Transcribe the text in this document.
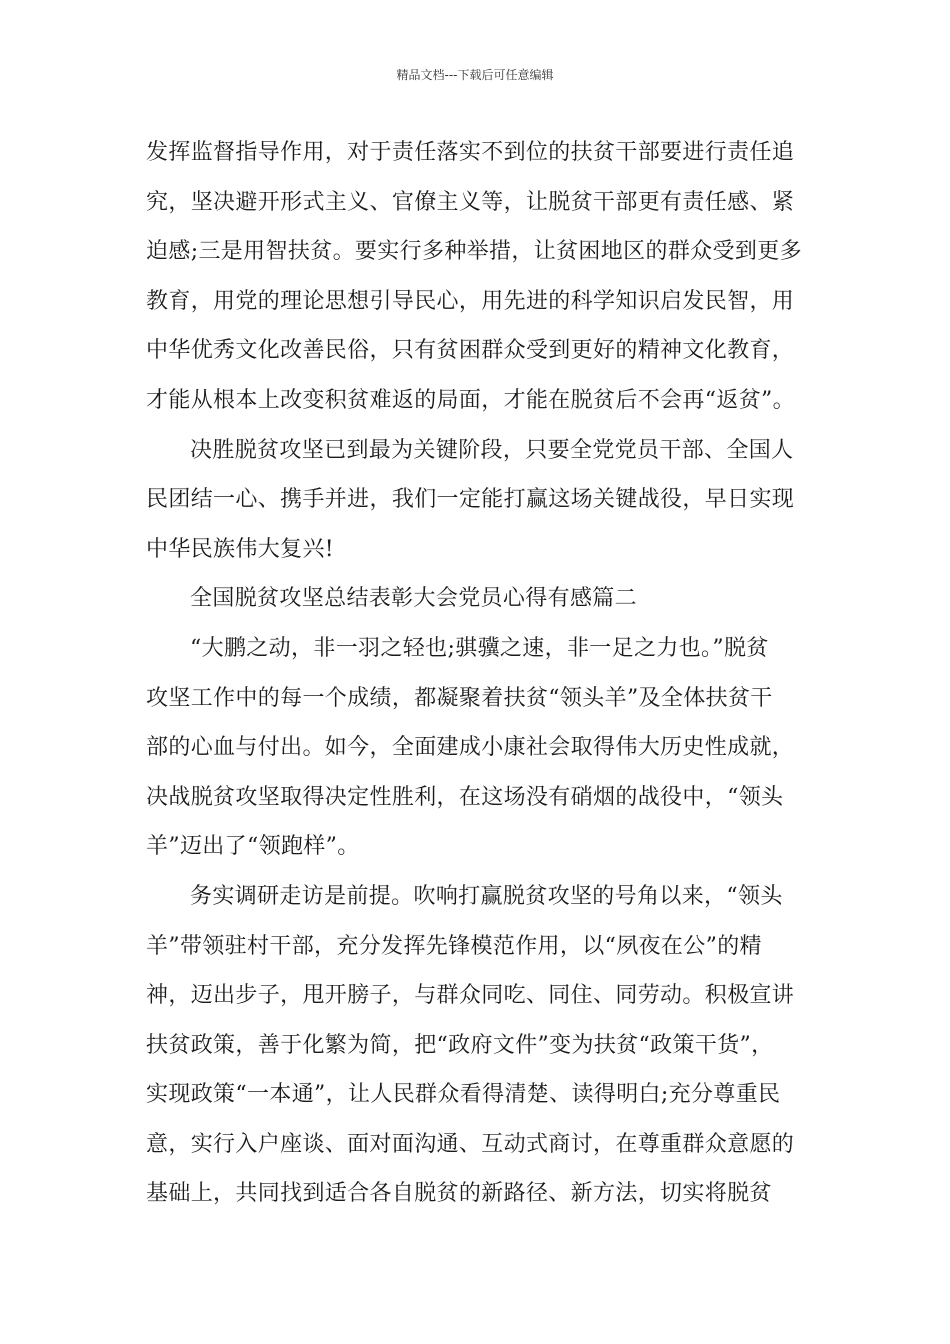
精品文档---下载后可任意编辑
发挥监督指导作用，对于责任落实不到位的扶贫干部要进行责任追
究，坚决避开形式主义、官僚主义等，让脱贫干部更有责任感、紧
迫感;三是用智扶贫。要实行多种举措，让贫困地区的群众受到更多
教育，用党的理论思想引导民心，用先进的科学知识启发民智，用
中华优秀文化改善民俗，只有贫困群众受到更好的精神文化教育，
才能从根本上改变积贫难返的局面，才能在脱贫后不会再“返贫”。
决胜脱贫攻坚已到最为关键阶段，只要全党党员干部、全国人
民团结一心、携手并进，我们一定能打赢这场关键战役，早日实现
中华民族伟大复兴!
全国脱贫攻坚总结表彰大会党员心得有感篇二
“大鹏之动，非一羽之轻也;骐骥之速，非一足之力也。”脱贫
攻坚工作中的每一个成绩，都凝聚着扶贫“领头羊”及全体扶贫干
部的心血与付出。如今，全面建成小康社会取得伟大历史性成就，
决战脱贫攻坚取得决定性胜利，在这场没有硝烟的战役中，“领头
羊”迈出了“领跑样”。
务实调研走访是前提。吹响打赢脱贫攻坚的号角以来，“领头
羊”带领驻村干部，充分发挥先锋模范作用，以“夙夜在公”的精
神，迈出步子，甩开膀子，与群众同吃、同住、同劳动。积极宣讲
扶贫政策，善于化繁为简，把“政府文件”变为扶贫“政策干货”，
实现政策“一本通”，让人民群众看得清楚、读得明白;充分尊重民
意，实行入户座谈、面对面沟通、互动式商讨，在尊重群众意愿的
基础上，共同找到适合各自脱贫的新路径、新方法，切实将脱贫
